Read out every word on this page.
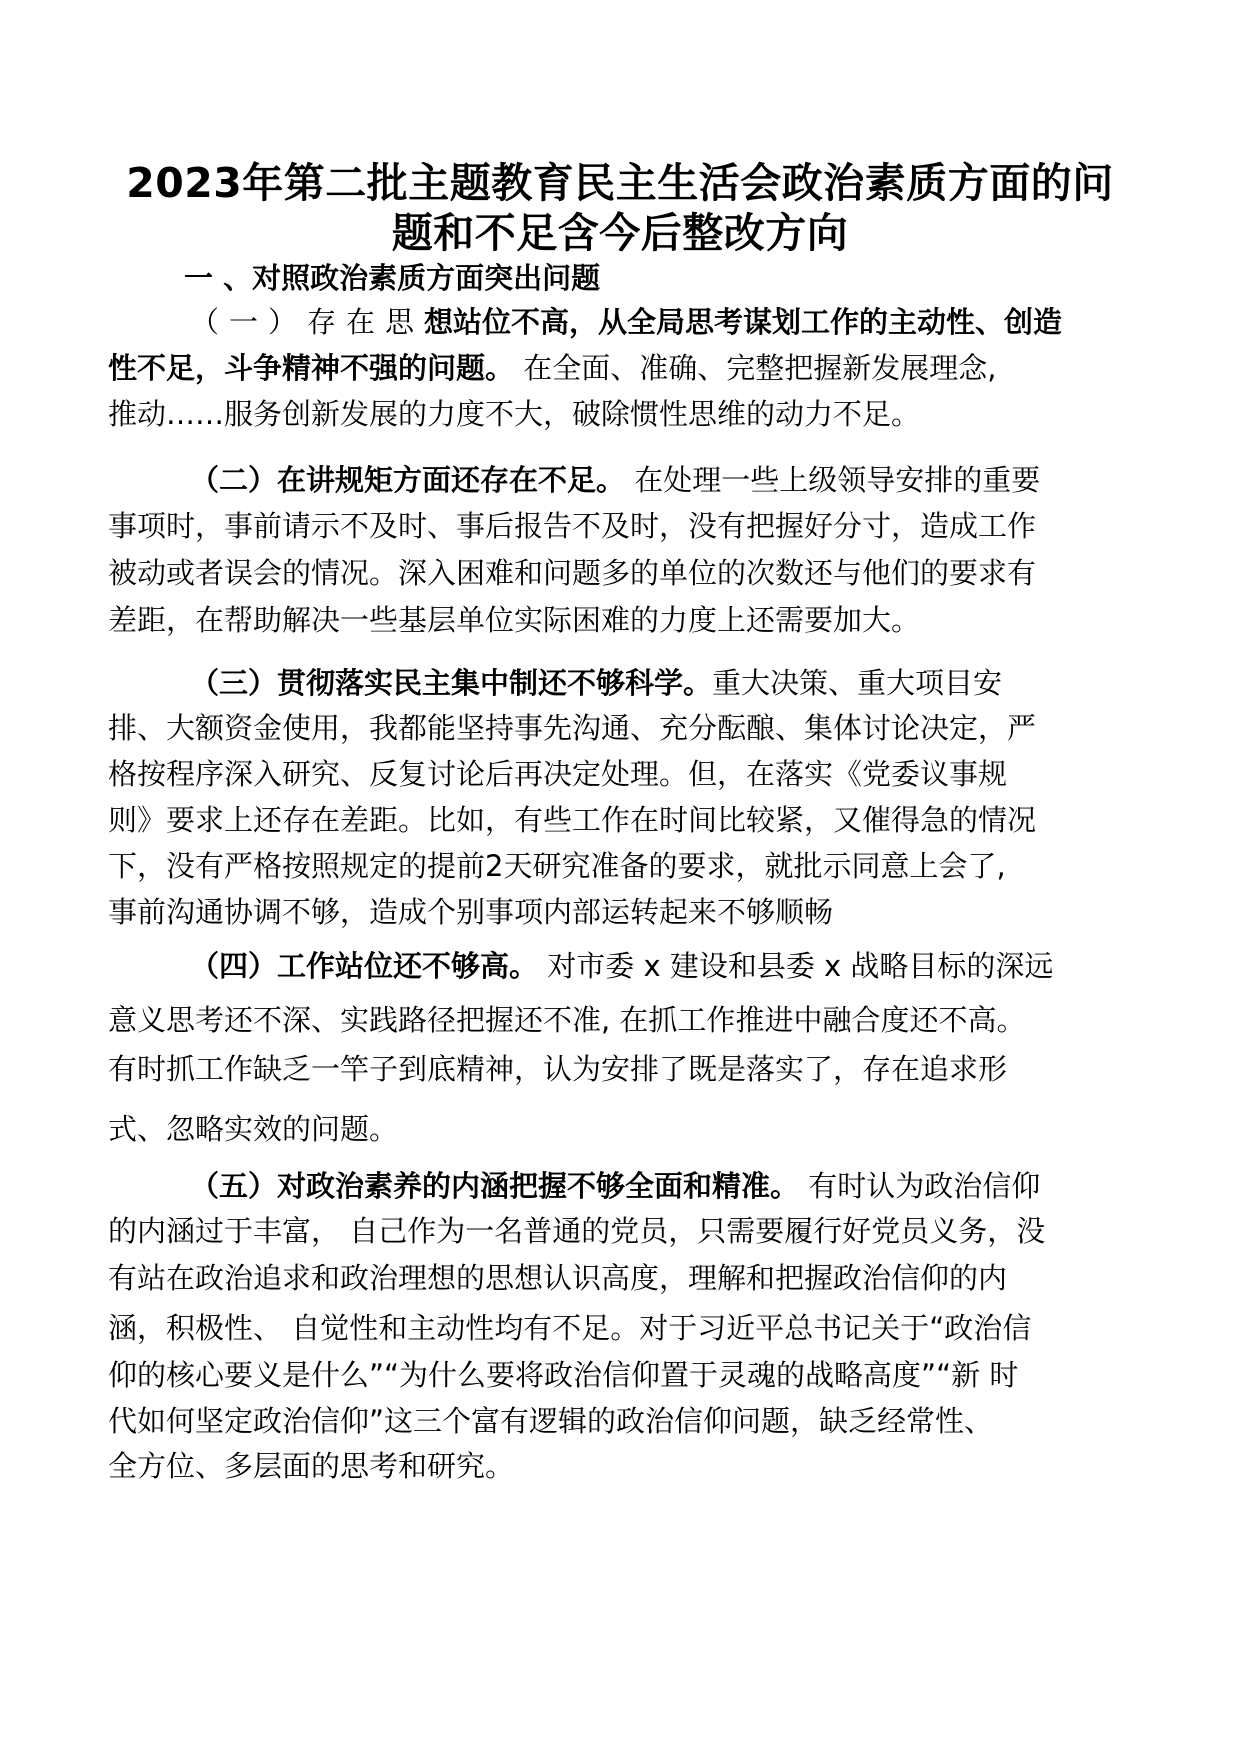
2023年第二批主题教育民主生活会政治素质方面的问
题和不足含今后整改方向
一 、对照政治素质方面突出问题

（一）存在思想站位不高，从全局思考谋划工作的主动性、创造

性不足，斗争精神不强的问题。 在全面、准确、完整把握新发展理念,

推动……服务创新发展的力度不大，破除惯性思维的动力不足。

（二）在讲规矩方面还存在不足。 在处理一些上级领导安排的重要

事项时，事前请示不及时、事后报告不及时，没有把握好分寸，造成工作

被动或者误会的情况。深入困难和问题多的单位的次数还与他们的要求有

差距，在帮助解决一些基层单位实际困难的力度上还需要加大。

（三）贯彻落实民主集中制还不够科学。重大决策、重大项目安

排、大额资金使用，我都能坚持事先沟通、充分酝酿、集体讨论决定，严

格按程序深入研究、反复讨论后再决定处理。但，在落实《党委议事规

则》要求上还存在差距。比如，有些工作在时间比较紧，又催得急的情况

下，没有严格按照规定的提前2天研究准备的要求，就批示同意上会了,

事前沟通协调不够，造成个别事项内部运转起来不够顺畅

（四）工作站位还不够高。 对市委 x 建设和县委 x 战略目标的深远

意义思考还不深、实践路径把握还不准, 在抓工作推进中融合度还不高。

有时抓工作缺乏一竿子到底精神，认为安排了既是落实了，存在追求形

式、忽略实效的问题。

（五）对政治素养的内涵把握不够全面和精准。 有时认为政治信仰

的内涵过于丰富， 自己作为一名普通的党员，只需要履行好党员义务，没

有站在政治追求和政治理想的思想认识高度，理解和把握政治信仰的内

涵，积极性、 自觉性和主动性均有不足。对于习近平总书记关于“政治信

仰的核心要义是什么”“为什么要将政治信仰置于灵魂的战略高度”“新 时

代如何坚定政治信仰”这三个富有逻辑的政治信仰问题，缺乏经常性、

全方位、多层面的思考和研究。
